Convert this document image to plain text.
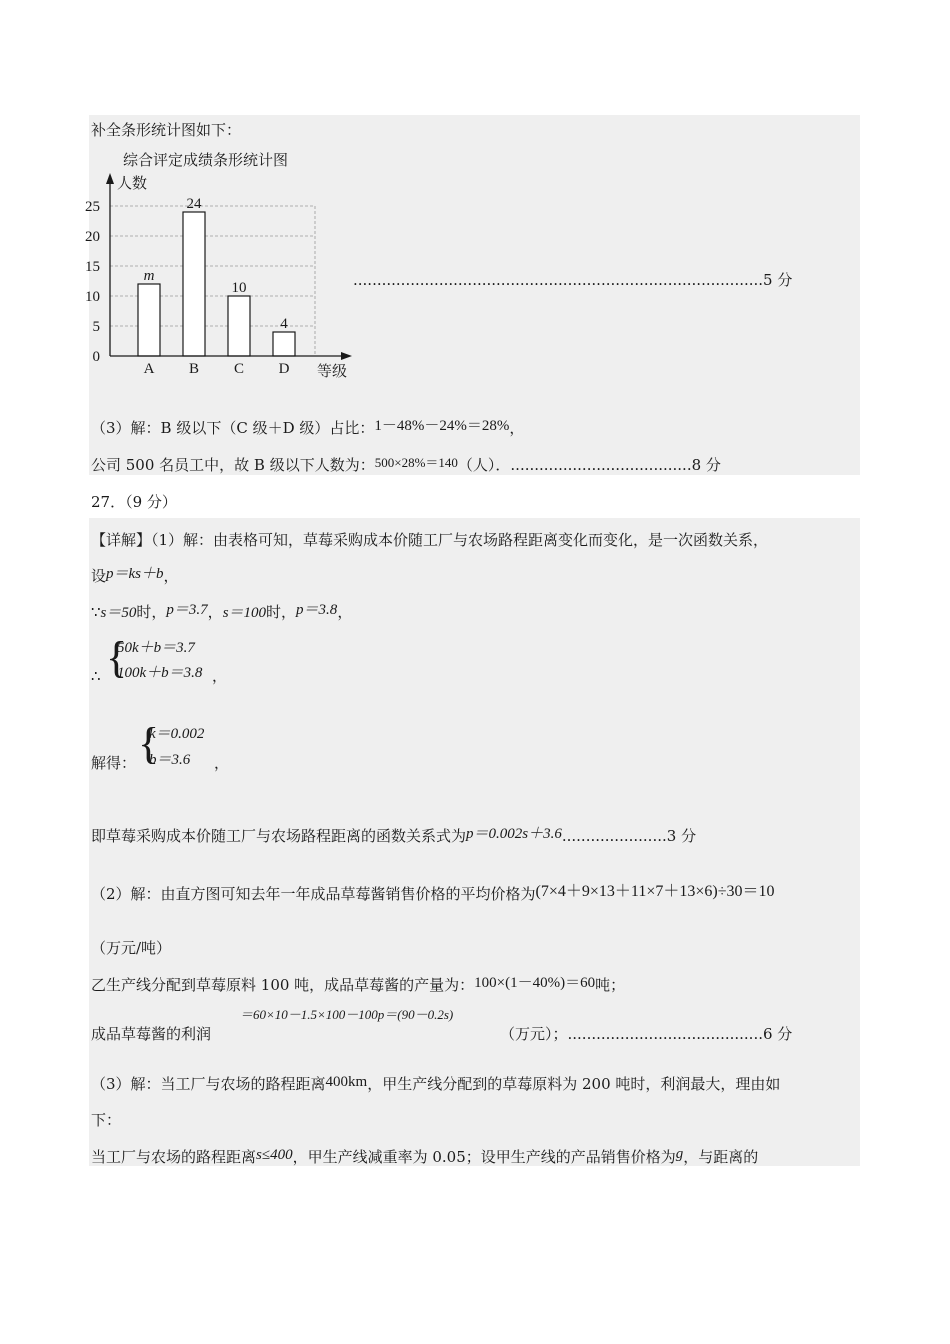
补全条形统计图如下：
综合评定成绩条形统计图
人数
等级
m
24
10
4
0
5
10
15
20
25
A B C D
......................................................................................5 分
（3）解：B 级以下（C 级＋D 级）占比：1－48%－24%＝28%，
公司 500 名员工中，故 B 级以下人数为：500×28%＝140（人）．......................................8 分
27．（9 分）
【详解】（1）解：由表格可知，草莓采购成本价随工厂与农场路程距离变化而变化，是一次函数关系，
设p＝ks＋b，
∵s＝50时，p＝3.7，s＝100时，p＝3.8，
{
50k＋b＝3.7
100k＋b＝3.8
∴	，
{
k＝0.002
b＝3.6
解得：	，
即草莓采购成本价随工厂与农场路程距离的函数关系式为p＝0.002s＋3.6......................3 分
（2）解：由直方图可知去年一年成品草莓酱销售价格的平均价格为(7×4＋9×13＋11×7＋13×6)÷30＝10
（万元/吨）
乙生产线分配到草莓原料 100 吨，成品草莓酱的产量为：100×(1－40%)＝60吨；
＝60×10－1.5×100－100p＝(90－0.2s)
成品草莓酱的利润	（万元）；.........................................6 分
（3）解：当工厂与农场的路程距离400km，甲生产线分配到的草莓原料为 200 吨时，利润最大，理由如
下：
当工厂与农场的路程距离s≤400，甲生产线减重率为 0.05；设甲生产线的产品销售价格为g，与距离的
